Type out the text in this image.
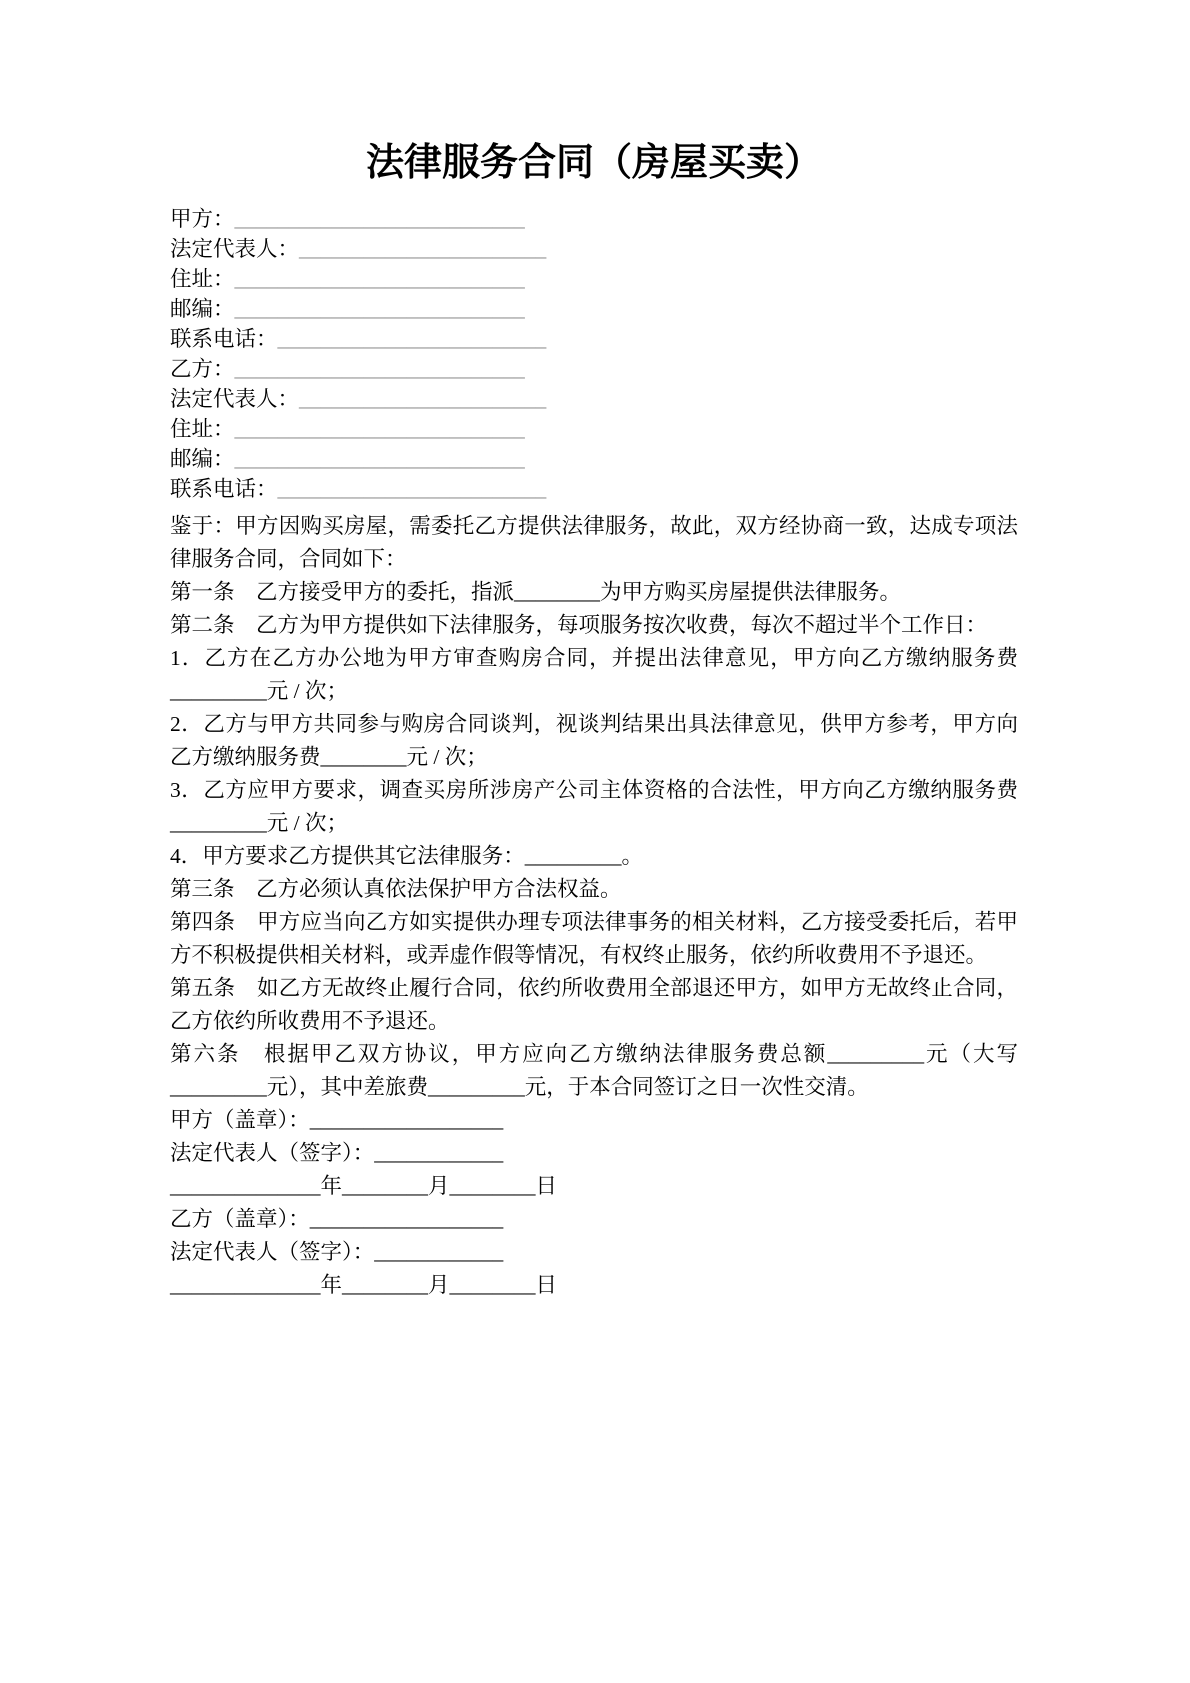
法律服务合同（房屋买卖）
甲方：___________________________
法定代表人：_______________________
住址：___________________________
邮编：___________________________
联系电话：_________________________
乙方：___________________________
法定代表人：_______________________
住址：___________________________
邮编：___________________________
联系电话：_________________________

鉴于：甲方因购买房屋，需委托乙方提供法律服务，故此，双方经协商一致，达成专项法律服务合同，合同如下：

第一条　乙方接受甲方的委托，指派________为甲方购买房屋提供法律服务。

第二条　乙方为甲方提供如下法律服务，每项服务按次收费，每次不超过半个工作日：

1．乙方在乙方办公地为甲方审查购房合同，并提出法律意见，甲方向乙方缴纳服务费_________元 / 次；

2．乙方与甲方共同参与购房合同谈判，视谈判结果出具法律意见，供甲方参考，甲方向乙方缴纳服务费________元 / 次；

3．乙方应甲方要求，调查买房所涉房产公司主体资格的合法性，甲方向乙方缴纳服务费_________元 / 次；

4．甲方要求乙方提供其它法律服务：_________。

第三条　乙方必须认真依法保护甲方合法权益。

第四条　甲方应当向乙方如实提供办理专项法律事务的相关材料，乙方接受委托后，若甲方不积极提供相关材料，或弄虚作假等情况，有权终止服务，依约所收费用不予退还。

第五条　如乙方无故终止履行合同，依约所收费用全部退还甲方，如甲方无故终止合同，乙方依约所收费用不予退还。

第六条　根据甲乙双方协议，甲方应向乙方缴纳法律服务费总额_________元（大写_________元），其中差旅费_________元，于本合同签订之日一次性交清。

甲方（盖章）：__________________

法定代表人（签字）：____________

______________年________月________日

乙方（盖章）：__________________

法定代表人（签字）：____________

______________年________月________日
